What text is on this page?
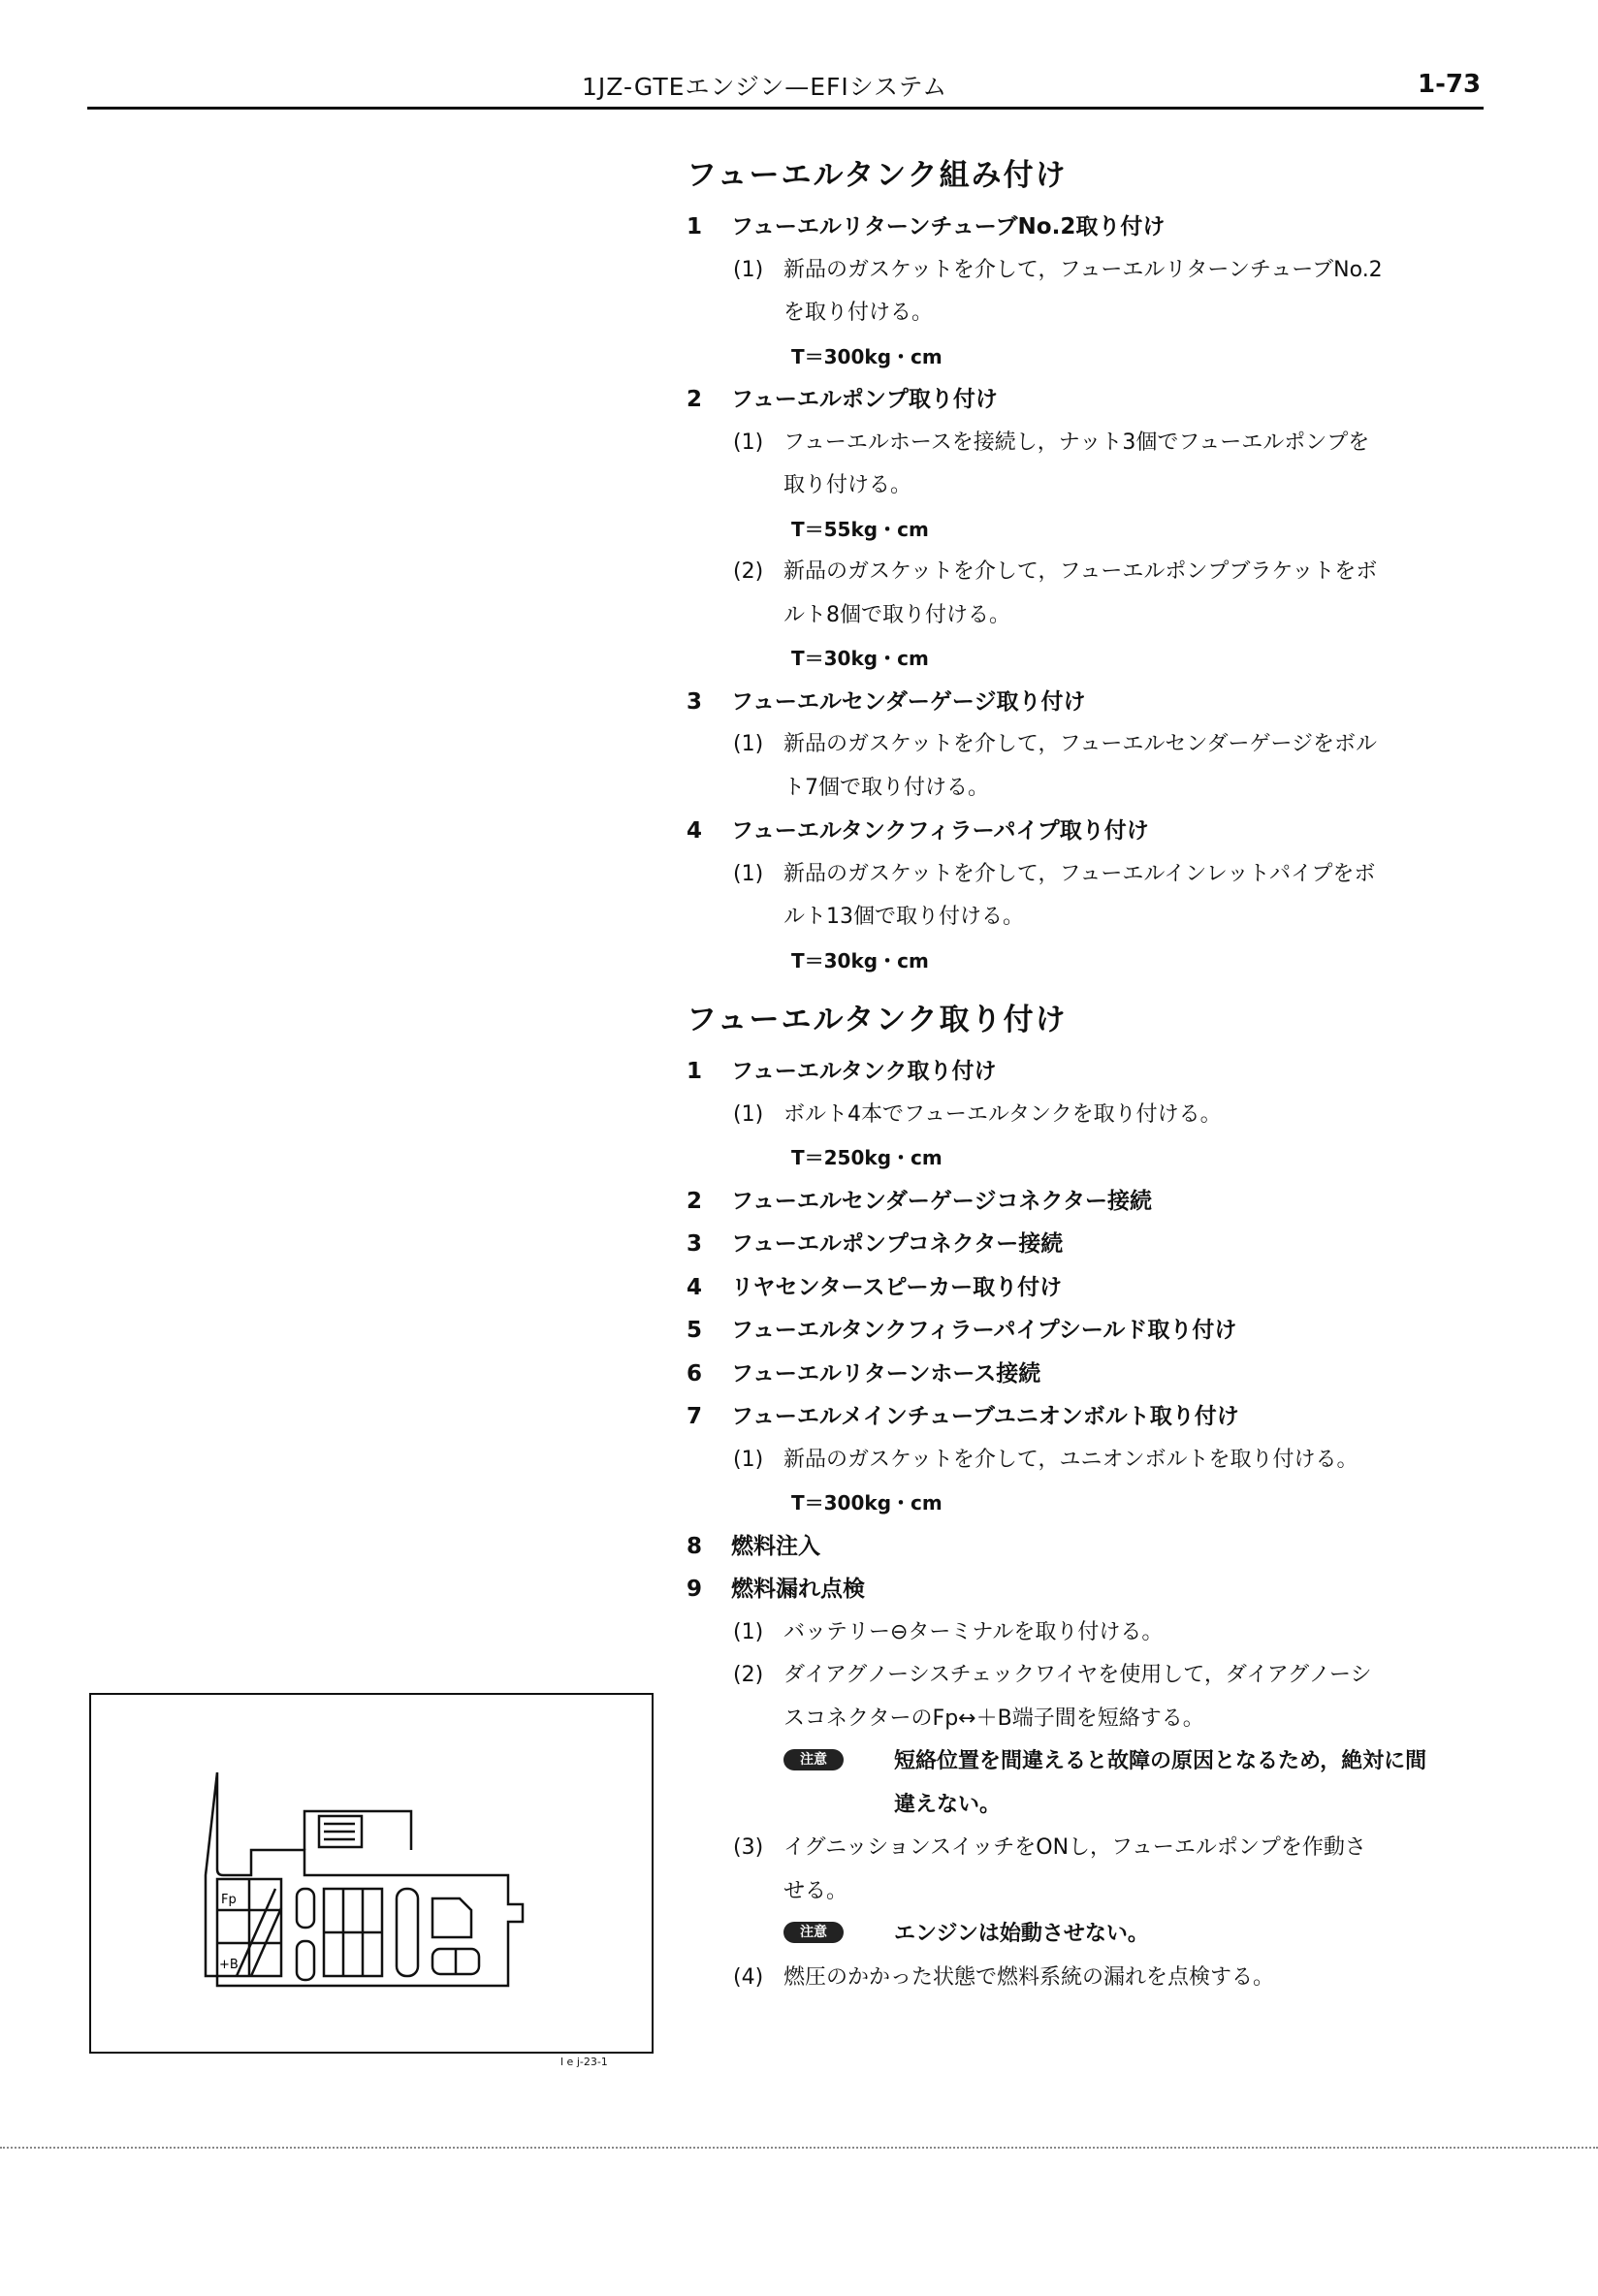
1JZ-GTEエンジン—EFIシステム	1-73
フューエルタンク組み付け
1 フューエルリターンチューブNo.2取り付け
(1) 新品のガスケットを介して，フューエルリターンチューブNo.2
を取り付ける。
T＝300kg・cm
2 フューエルポンプ取り付け
(1) フューエルホースを接続し，ナット3個でフューエルポンプを
取り付ける。
T＝55kg・cm
(2) 新品のガスケットを介して，フューエルポンプブラケットをボ
ルト8個で取り付ける。
T＝30kg・cm
3 フューエルセンダーゲージ取り付け
(1) 新品のガスケットを介して，フューエルセンダーゲージをボル
ト7個で取り付ける。
4 フューエルタンクフィラーパイプ取り付け
(1) 新品のガスケットを介して，フューエルインレットパイプをボ
ルト13個で取り付ける。
T＝30kg・cm
フューエルタンク取り付け
1 フューエルタンク取り付け
(1) ボルト4本でフューエルタンクを取り付ける。
T＝250kg・cm
2 フューエルセンダーゲージコネクター接続
3 フューエルポンプコネクター接続
4 リヤセンタースピーカー取り付け
5 フューエルタンクフィラーパイプシールド取り付け
6 フューエルリターンホース接続
7 フューエルメインチューブユニオンボルト取り付け
(1) 新品のガスケットを介して，ユニオンボルトを取り付ける。
T＝300kg・cm
8 燃料注入
9 燃料漏れ点検
(1) バッテリー⊖ターミナルを取り付ける。
(2) ダイアグノーシスチェックワイヤを使用して，ダイアグノーシ
スコネクターのFp↔＋B端子間を短絡する。
注意	短絡位置を間違えると故障の原因となるため，絶対に間
違えない。
(3) イグニッションスイッチをONし，フューエルポンプを作動さ
せる。
注意	エンジンは始動させない。
(4) 燃圧のかかった状態で燃料系統の漏れを点検する。
Fp
+B
l e j-23-1
